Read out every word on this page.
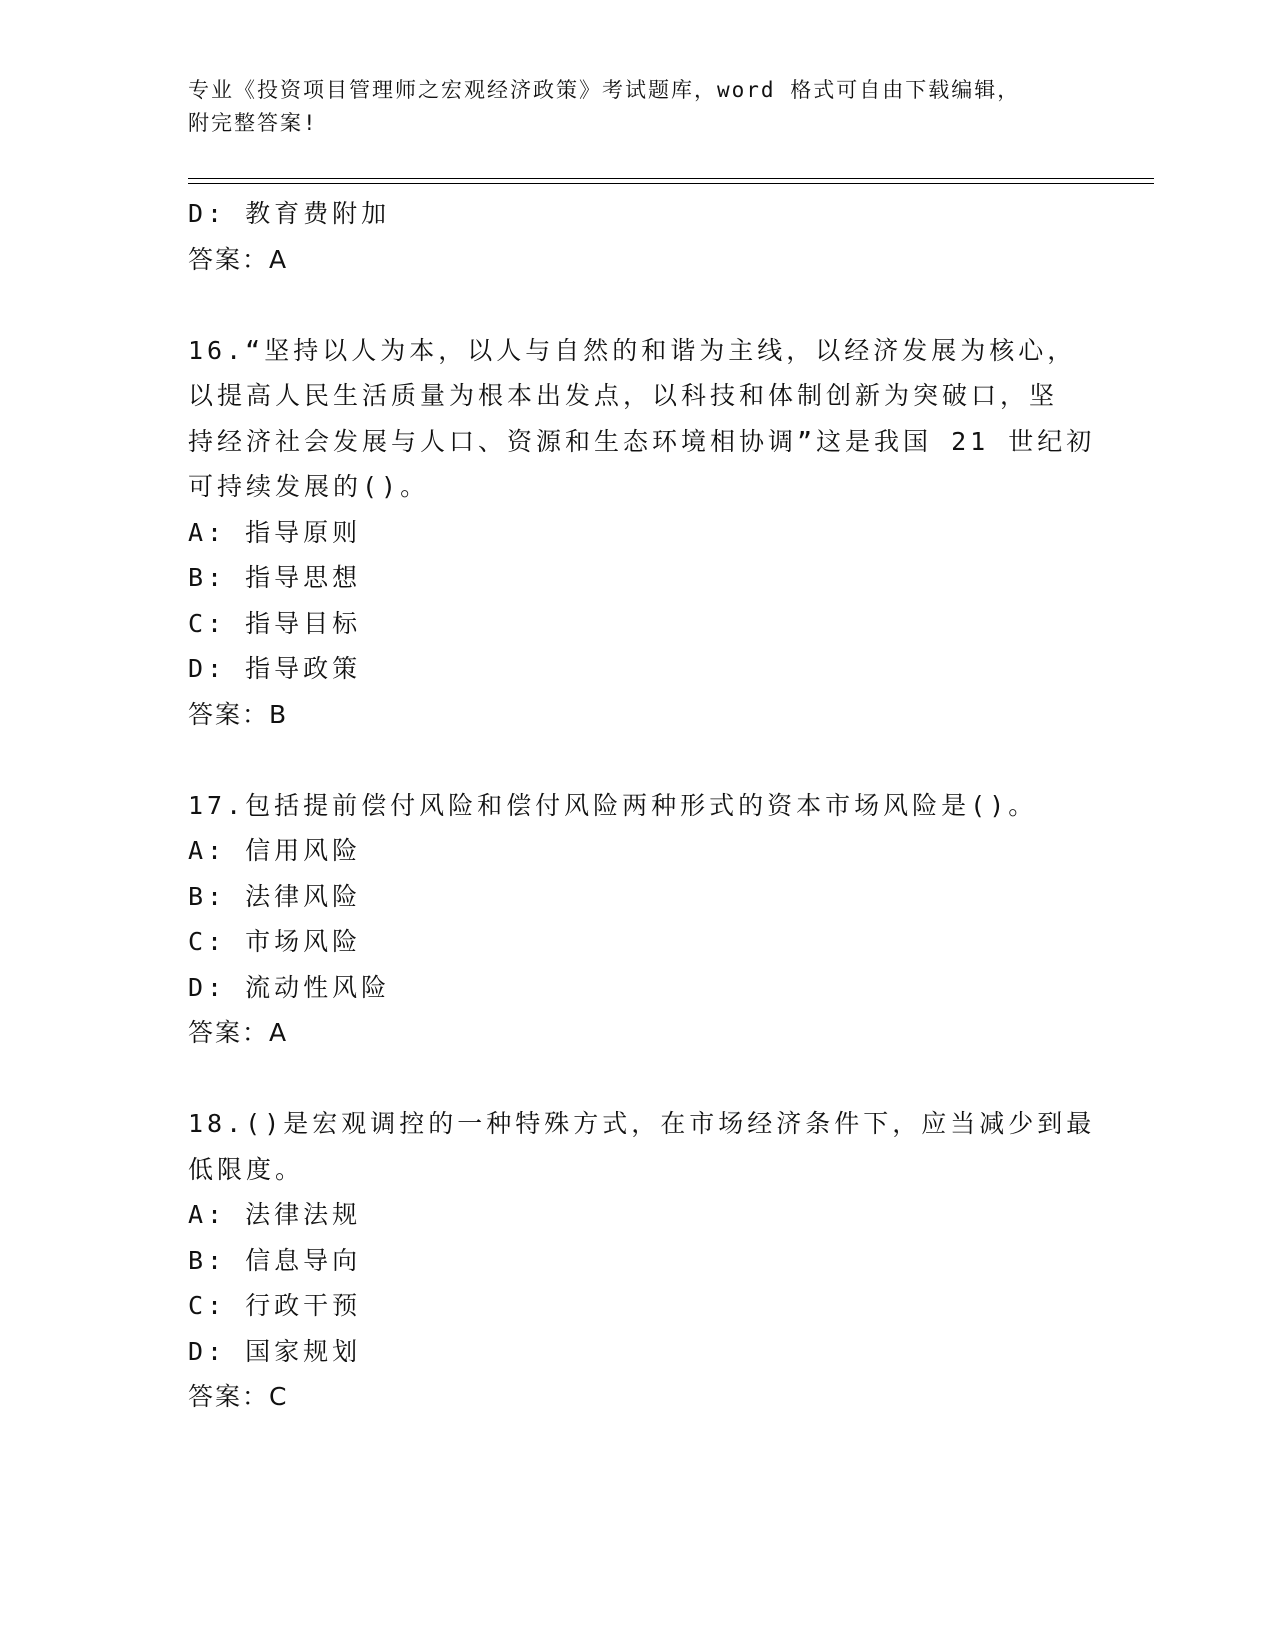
专业《投资项目管理师之宏观经济政策》考试题库，word 格式可自由下载编辑，
附完整答案!
D: 教育费附加
答案：A
16.“坚持以人为本，以人与自然的和谐为主线，以经济发展为核心，
以提高人民生活质量为根本出发点，以科技和体制创新为突破口，坚
持经济社会发展与人口、资源和生态环境相协调”这是我国 21 世纪初
可持续发展的()。
A: 指导原则
B: 指导思想
C: 指导目标
D: 指导政策
答案：B
17.包括提前偿付风险和偿付风险两种形式的资本市场风险是()。
A: 信用风险
B: 法律风险
C: 市场风险
D: 流动性风险
答案：A
18.()是宏观调控的一种特殊方式，在市场经济条件下，应当减少到最
低限度。
A: 法律法规
B: 信息导向
C: 行政干预
D: 国家规划
答案：C
